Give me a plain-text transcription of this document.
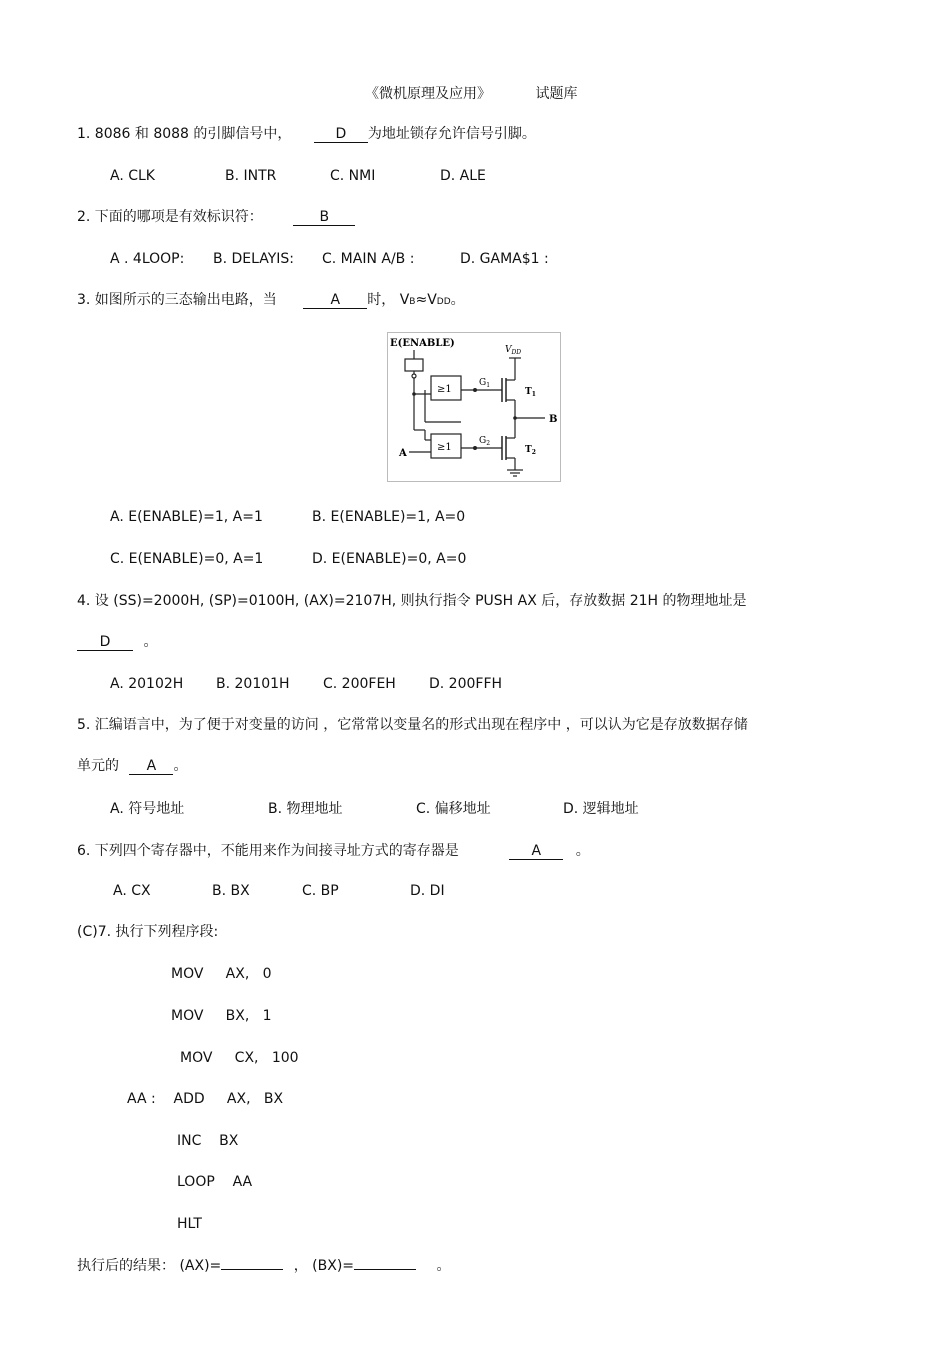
《微机原理及应用》	试题库
1. 8086 和 8088 的引脚信号中，	D 为地址锁存允许信号引脚。
A. CLK	B. INTR	C. NMI	D. ALE
2. 下面的哪项是有效标识符：	B
A . 4LOOP: B. DELAYIS: C. MAIN A/B :	D. GAMA$1 :
3. 如图所示的三态输出电路，当	A 时， VB≈VDD。
E(ENABLE)
$V_{DD}$
≥1
$G_1$
≥1
A
$G_2$
$T_1$
B
$T_2$
A. E(ENABLE)=1, A=1	B. E(ENABLE)=1, A=0
C. E(ENABLE)=0, A=1	D. E(ENABLE)=0, A=0
4. 设 (SS)=2000H, (SP)=0100H, (AX)=2107H, 则执行指令 PUSH AX 后，存放数据 21H 的物理地址是
D 。
A. 20102H B. 20101H C. 200FEH D. 200FFH
5. 汇编语言中，为了便于对变量的访问 ，它常常以变量名的形式出现在程序中 ，可以认为它是存放数据存储
单元的 A 。
A. 符号地址	B. 物理地址	C. 偏移地址	D. 逻辑地址
6. 下列四个寄存器中，不能用来作为间接寻址方式的寄存器是	A 。
A. CX	B. BX	C. BP	D. DI
(C)7. 执行下列程序段:
MOV     AX,   0
MOV     BX,   1
MOV     CX,   100
AA :    ADD     AX,   BX
INC    BX
LOOP    AA
HLT
执行后的结果： (AX)=	， (BX)=	。
